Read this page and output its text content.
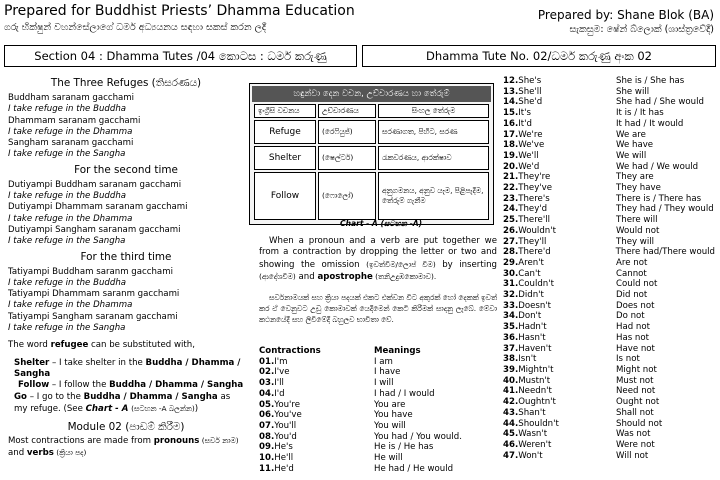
Prepared for Buddhist Priests’ Dhamma Education
ගරු භික්ෂුන් වහන්සේලාගේ ධර්ම අධ්‍යයනය සඳහා සකස් කරන ලදී
Prepared by: Shane Blok (BA)
සැකසුම: ෂේන් බ්ලොක් (ශාස්ත්‍රවේදී)
Section 04 : Dhamma Tutes /04 කොටස : ධර්ම කරුණු	Dhamma Tute No. 02/ධර්ම කරුණු අංක 02
The Three Refuges (තිසරණය)
Buddham saranam gacchami
I take refuge in the Buddha
Dhammam saranam gacchami
I take refuge in the Dhamma
Sangham saranam gacchami
I take refuge in the Sangha
For the second time
Dutiyampi Buddham saranam gacchami
I take refuge in the Buddha
Dutiyampi Dhammam saranam gacchami
I take refuge in the Dhamma
Dutiyampi Sangham saranam gacchami
I take refuge in the Sangha
For the third time
Tatiyampi Buddham saranm gacchami
I take refuge in the Buddha
Tatiyampi Dhammam saranm gacchami
I take refuge in the Dhamma
Tatiyampi Sangham saranam gacchami
I take refuge in the Sangha
The word refugee can be substituted with,
Shelter – I take shelter in the Buddha / Dhamma / Sangha
Follow – I follow the Buddha / Dhamma / Sangha
Go – I go to the Buddha / Dhamma / Sangha as my refuge. (See Chart - A (සටහන -A බලන්න))
Module 02 (පාඩම් කිරීම)
Most contractions are made from pronouns (සර්ව නාම) and verbs (ක්‍රියා පද)
හඳුන්වා දෙන වචන, උච්චාරණය හා තේරුම්
ඉංග්‍රීසි වචනය	උච්චාරණය	සිංහල තේරුම
Refuge	(රෙෆියුජ්)	සරණාගත, පිහිට, සරණ
Shelter	(ෂෙල්ටර්)	රැකවරණය, ආරක්ෂාව
Follow	(ෆොලෝ)	අනුගමනය, අනුව යෑම, පිළිපැදීම, තේරුම් ගැනීම
Chart - A (සටහන -A)
When a pronoun and a verb are put together we from a contraction by dropping the letter or two and showing the omission (ඉවත්වීම/ලොප් වීම) by inserting (ආදේශවීම) and apostrophe (තනිඋදුඹකොමාව).
සර්වනාමයක් සහ ක්‍රියා පදයක් එකට එක්වන විට අකුරක් හෝ දෙකක් ඉවත් කර ඒ වෙනුවට උඩු කොමාවක් යෙදීමෙන් කෙටි කිරීමක් සාදනු ලැබේ. මේවා කථනයේදී සහ ලිවීමේදී බහුලව භාවිතා වේ.
Contractions	Meanings
01.I'm	I am
02.I've	I have
03.I'll	I will
04.I'd	I had / I would
05.You're	You are
06.You've	You have
07.You'll	You will
08.You'd	You had / You would.
09.He's	He is / He has
10.He'll	He will
11.He'd	He had / He would
12.She's	She is / She has
13.She'll	She will
14.She'd	She had / She would
15.It's	It is / It has
16.It'd	It had / It would
17.We're	We are
18.We've	We have
19.We'll	We will
20.We'd	We had / We would
21.They're	They are
22.They've	They have
23.There's	There is / There has
24.They'd	They had / They would
25.There'll	There will
26.Wouldn't	Would not
27.They'll	They will
28.There'd	There had/There would
29.Aren't	Are not
30.Can't	Cannot
31.Couldn't	Could not
32.Didn't	Did not
33.Doesn't	Does not
34.Don't	Do not
35.Hadn't	Had not
36.Hasn't	Has not
37.Haven't	Have not
38.Isn't	Is not
39.Mightn't	Might not
40.Mustn't	Must not
41.Needn't	Need not
42.Oughtn't	Ought not
43.Shan't	Shall not
44.Shouldn't	Should not
45.Wasn't	Was not
46.Weren't	Were not
47.Won't	Will not
